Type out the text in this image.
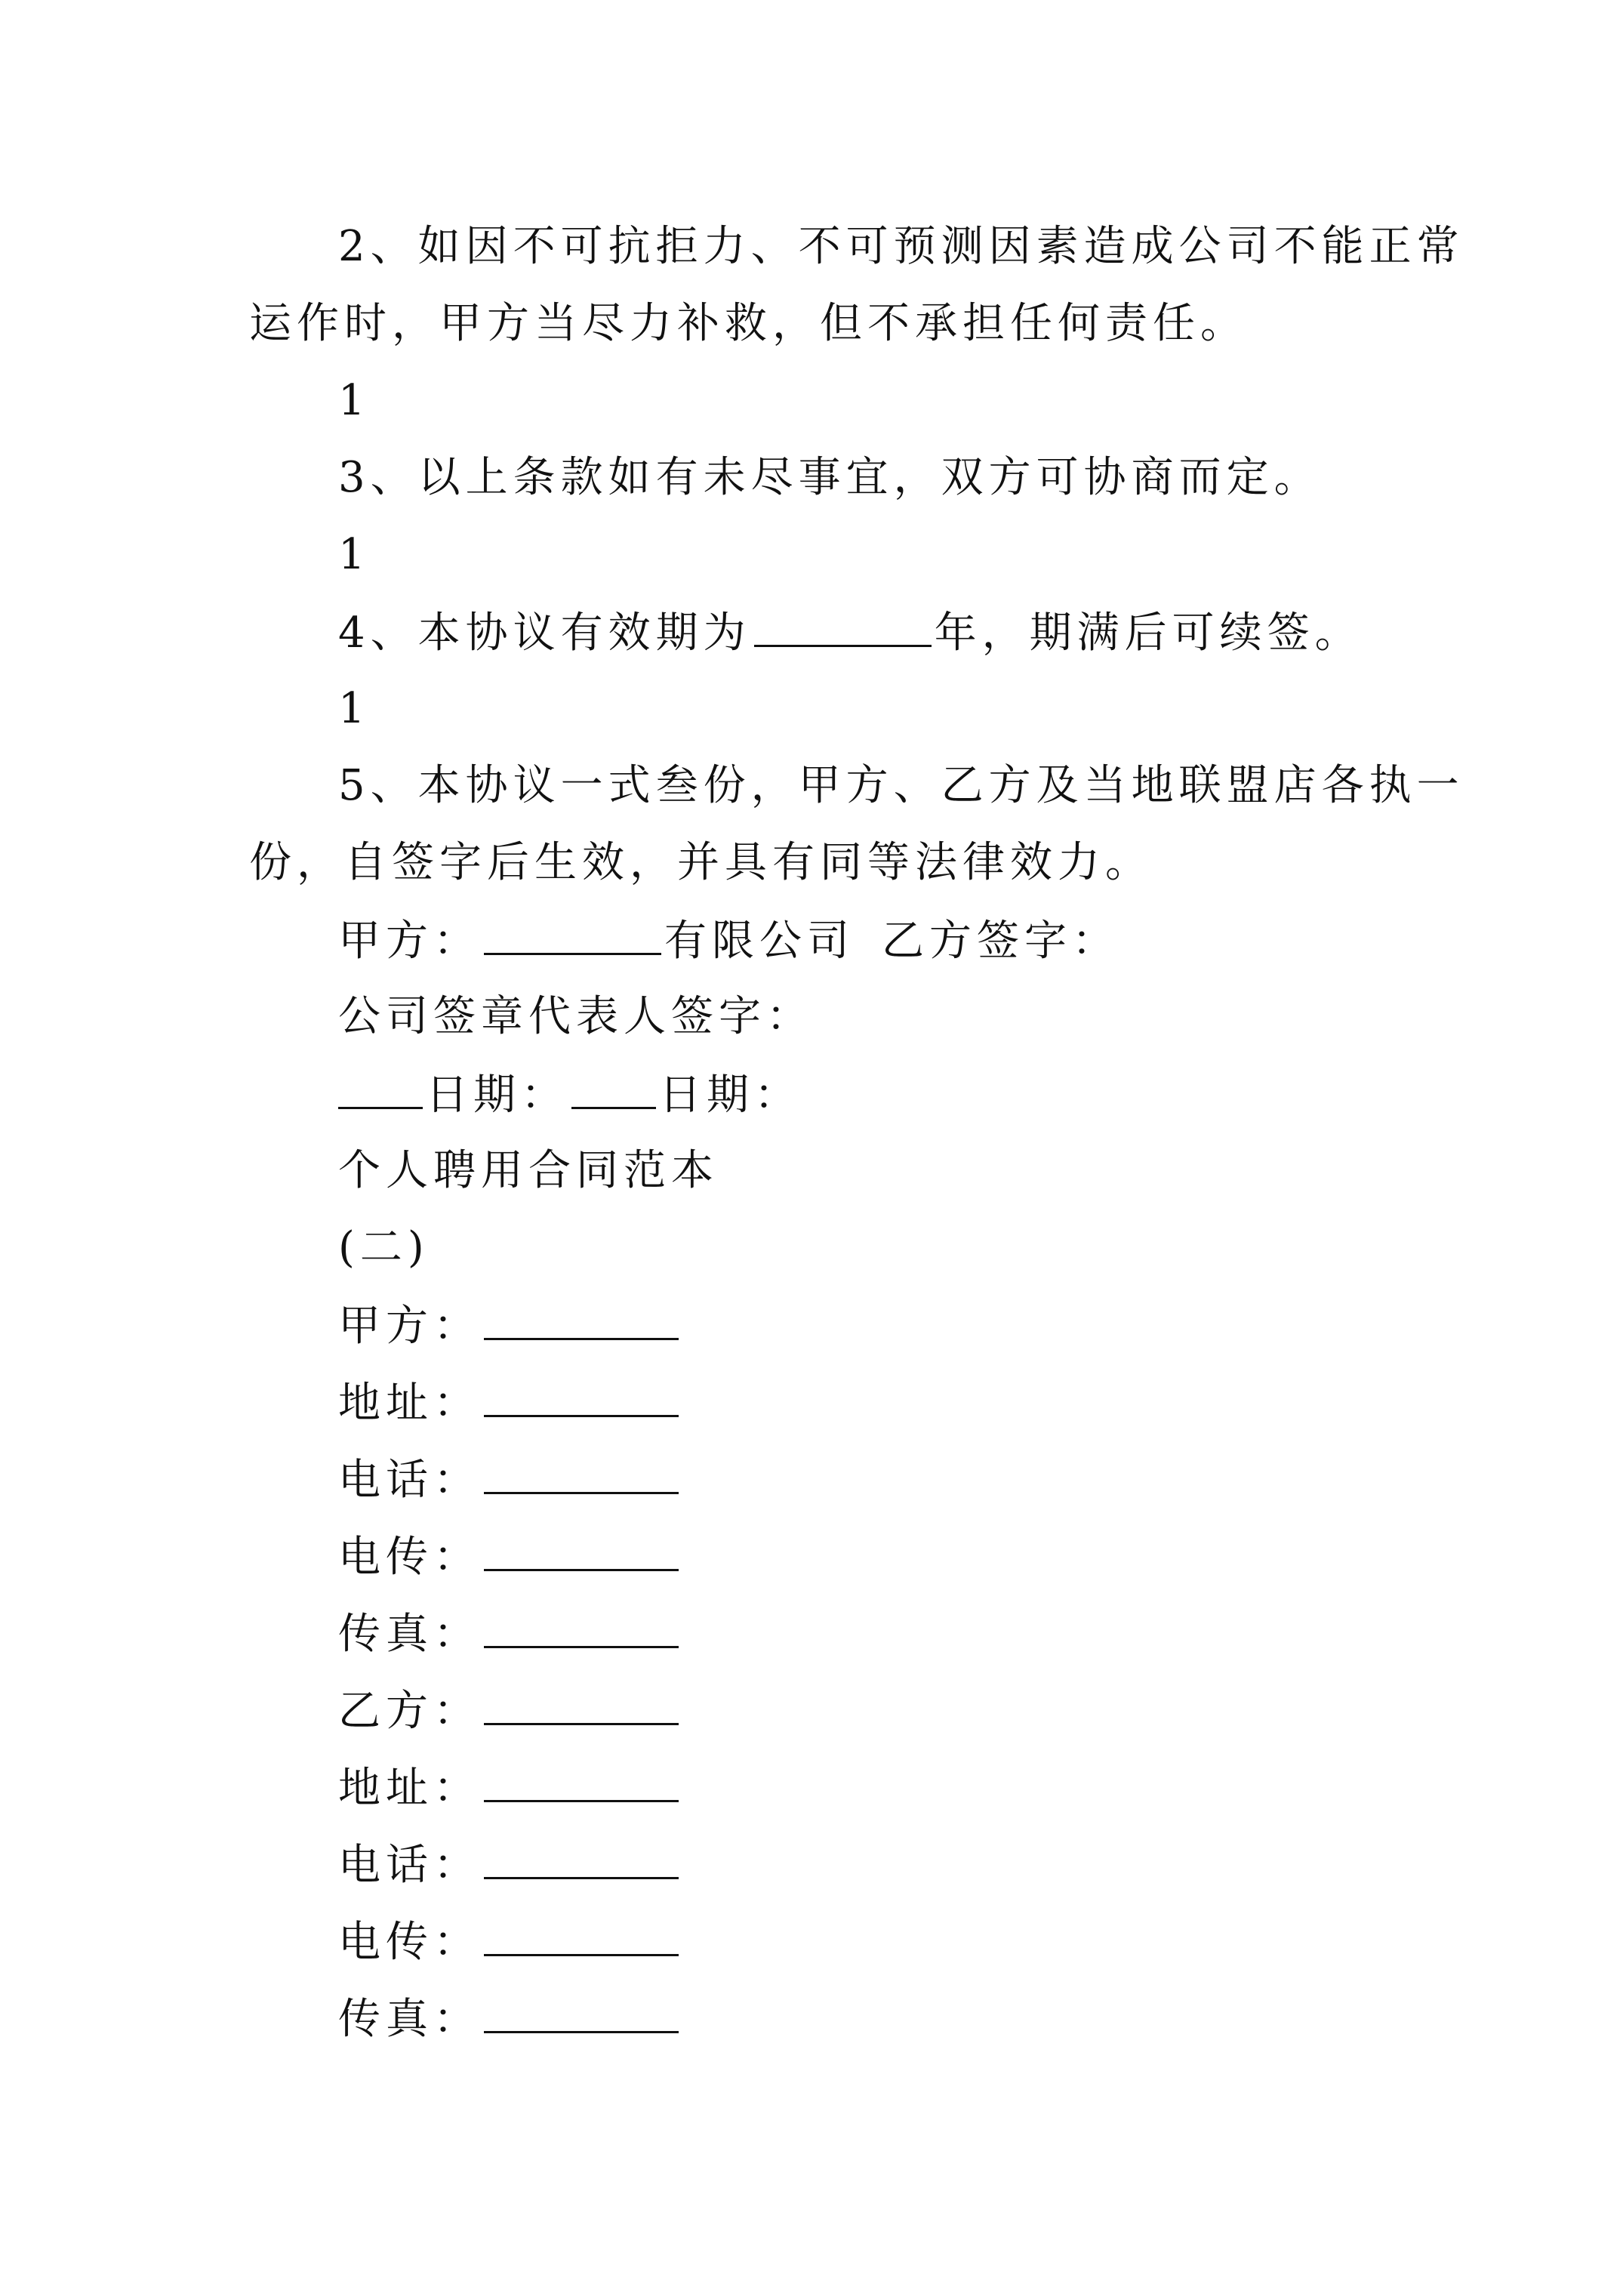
2、如因不可抗拒力、不可预测因素造成公司不能正常
运作时，甲方当尽力补救，但不承担任何责任。
1
3、以上条款如有未尽事宜，双方可协商而定。
1
4、本协议有效期为	年，期满后可续签。
1
5、本协议一式叁份，甲方、乙方及当地联盟店各执一
份，自签字后生效，并具有同等法律效力。
甲方：	有限公司 乙方签字：
公司签章代表人签字：
日期： 日期：
个人聘用合同范本
(二)
甲方：
地址：
电话：
电传：
传真：
乙方：
地址：
电话：
电传：
传真：
